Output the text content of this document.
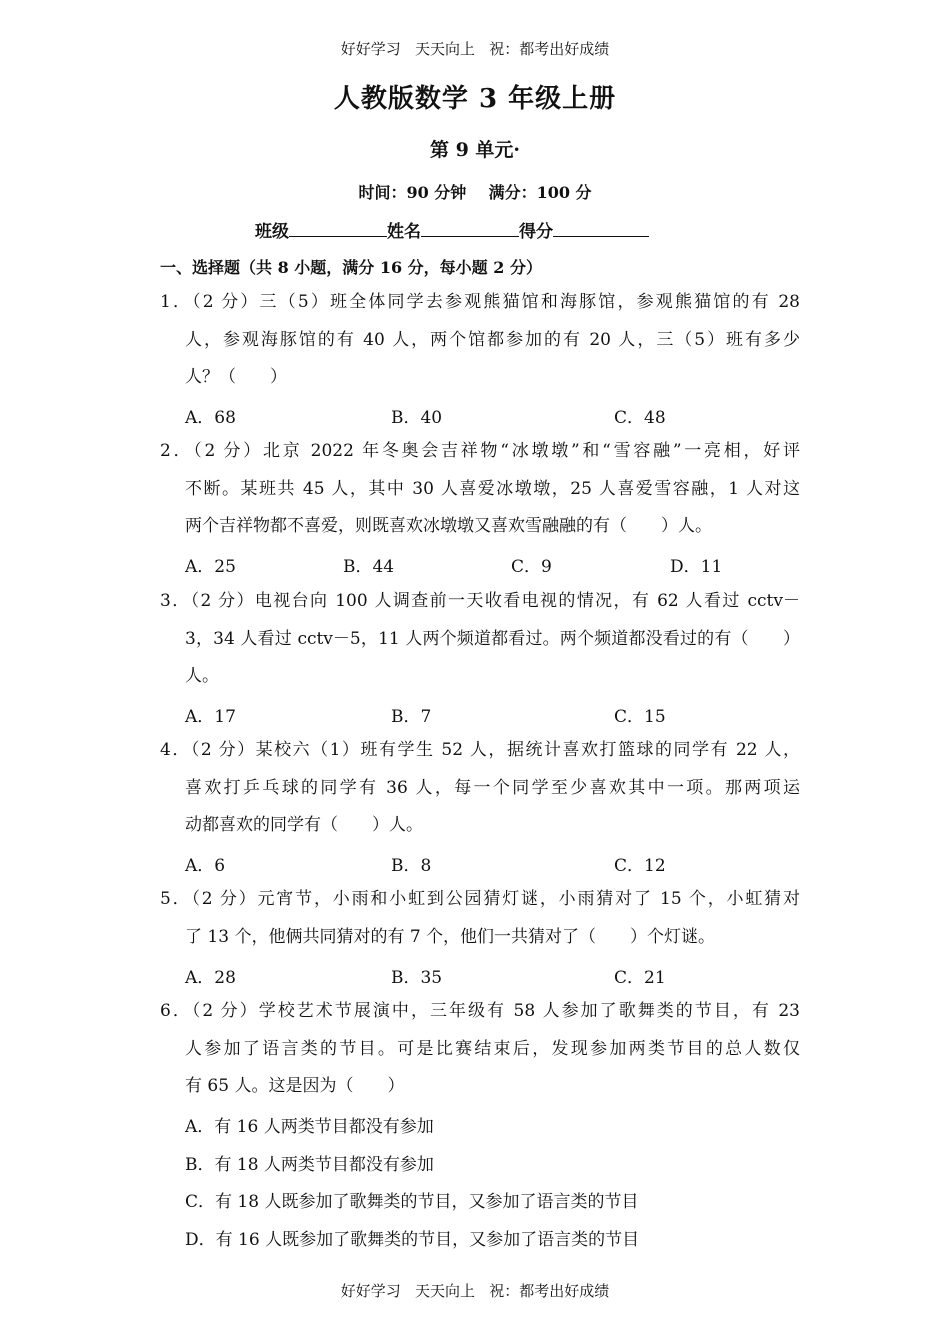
好好学习   天天向上   祝：都考出好成绩
人教版数学 3 年级上册
第 9 单元·
时间：90 分钟    满分：100 分
班级	姓名	得分
一、选择题（共 8 小题，满分 16 分，每小题 2 分）
1．（2 分）三（5）班全体同学去参观熊猫馆和海豚馆，参观熊猫馆的有 28
人，参观海豚馆的有 40 人，两个馆都参加的有 20 人，三（5）班有多少
人？（　　）
A．68	B．40	C．48
2．（2 分）北京 2022 年冬奥会吉祥物“冰墩墩”和“雪容融”一亮相，好评
不断。某班共 45 人，其中 30 人喜爱冰墩墩，25 人喜爱雪容融，1 人对这
两个吉祥物都不喜爱，则既喜欢冰墩墩又喜欢雪融融的有（　　）人。
A．25	B．44	C．9	D．11
3．（2 分）电视台向 100 人调查前一天收看电视的情况，有 62 人看过 cctv－
3，34 人看过 cctv－5，11 人两个频道都看过。两个频道都没看过的有（　　）
人。
A．17	B．7	C．15
4．（2 分）某校六（1）班有学生 52 人，据统计喜欢打篮球的同学有 22 人，
喜欢打乒乓球的同学有 36 人，每一个同学至少喜欢其中一项。那两项运
动都喜欢的同学有（　　）人。
A．6	B．8	C．12
5．（2 分）元宵节，小雨和小虹到公园猜灯谜，小雨猜对了 15 个，小虹猜对
了 13 个，他俩共同猜对的有 7 个，他们一共猜对了（　　）个灯谜。
A．28	B．35	C．21
6．（2 分）学校艺术节展演中，三年级有 58 人参加了歌舞类的节目，有 23
人参加了语言类的节目。可是比赛结束后，发现参加两类节目的总人数仅
有 65 人。这是因为（　　）
A．有 16 人两类节目都没有参加
B．有 18 人两类节目都没有参加
C．有 18 人既参加了歌舞类的节目，又参加了语言类的节目
D．有 16 人既参加了歌舞类的节目，又参加了语言类的节目
好好学习   天天向上   祝：都考出好成绩
